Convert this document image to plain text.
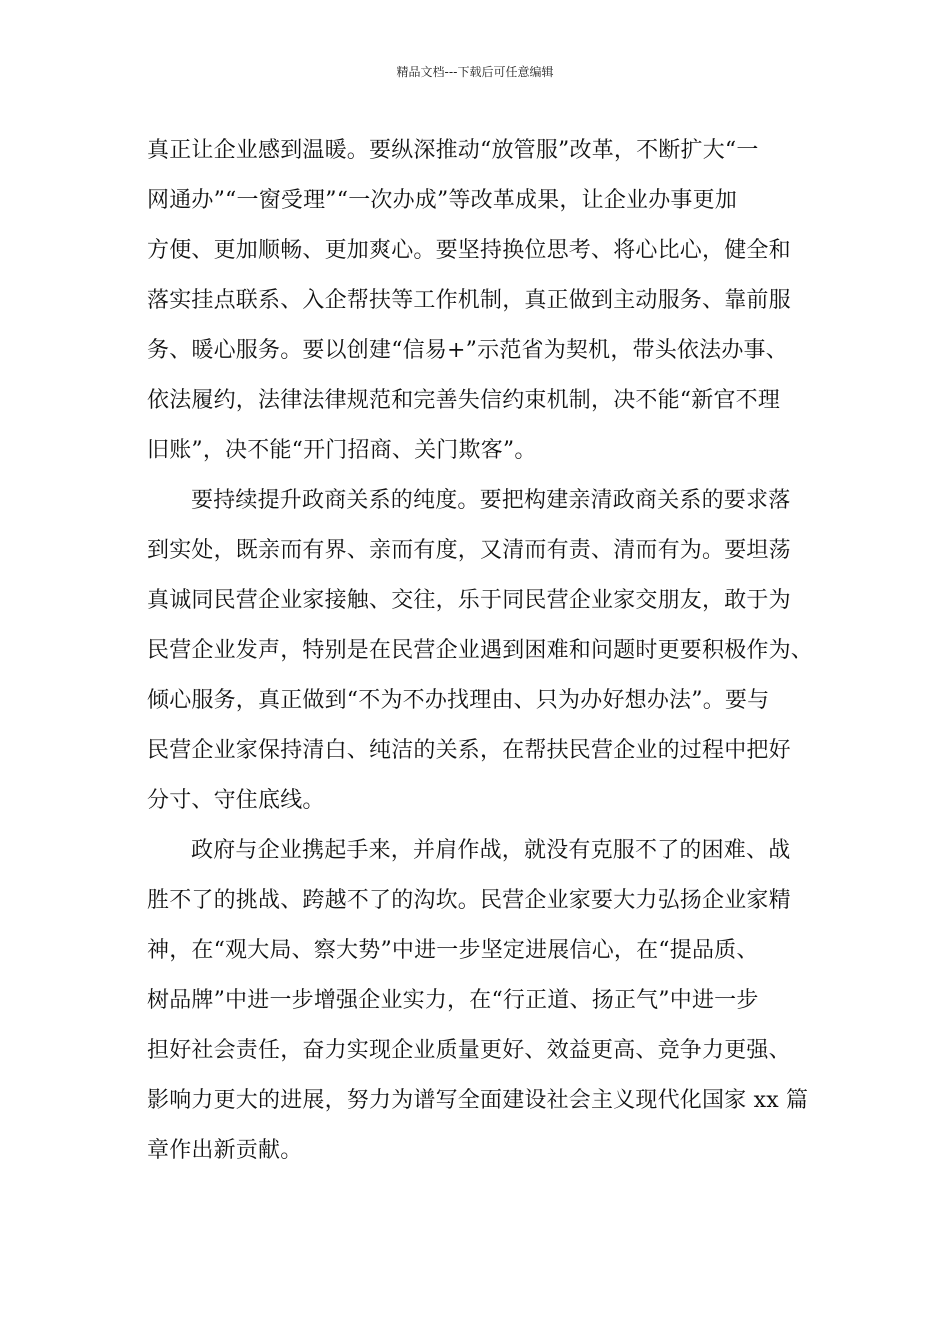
精品文档---下载后可任意编辑
真正让企业感到温暖。要纵深推动“放管服”改革，不断扩大“一
网通办”“一窗受理”“一次办成”等改革成果，让企业办事更加
方便、更加顺畅、更加爽心。要坚持换位思考、将心比心，健全和
落实挂点联系、入企帮扶等工作机制，真正做到主动服务、靠前服
务、暖心服务。要以创建“信易+”示范省为契机，带头依法办事、
依法履约，法律法律规范和完善失信约束机制，决不能“新官不理
旧账”，决不能“开门招商、关门欺客”。
要持续提升政商关系的纯度。要把构建亲清政商关系的要求落
到实处，既亲而有界、亲而有度，又清而有责、清而有为。要坦荡
真诚同民营企业家接触、交往，乐于同民营企业家交朋友，敢于为
民营企业发声，特别是在民营企业遇到困难和问题时更要积极作为、
倾心服务，真正做到“不为不办找理由、只为办好想办法”。要与
民营企业家保持清白、纯洁的关系，在帮扶民营企业的过程中把好
分寸、守住底线。
政府与企业携起手来，并肩作战，就没有克服不了的困难、战
胜不了的挑战、跨越不了的沟坎。民营企业家要大力弘扬企业家精
神，在“观大局、察大势”中进一步坚定进展信心，在“提品质、
树品牌”中进一步增强企业实力，在“行正道、扬正气”中进一步
担好社会责任，奋力实现企业质量更好、效益更高、竞争力更强、
影响力更大的进展，努力为谱写全面建设社会主义现代化国家 xx 篇
章作出新贡献。
